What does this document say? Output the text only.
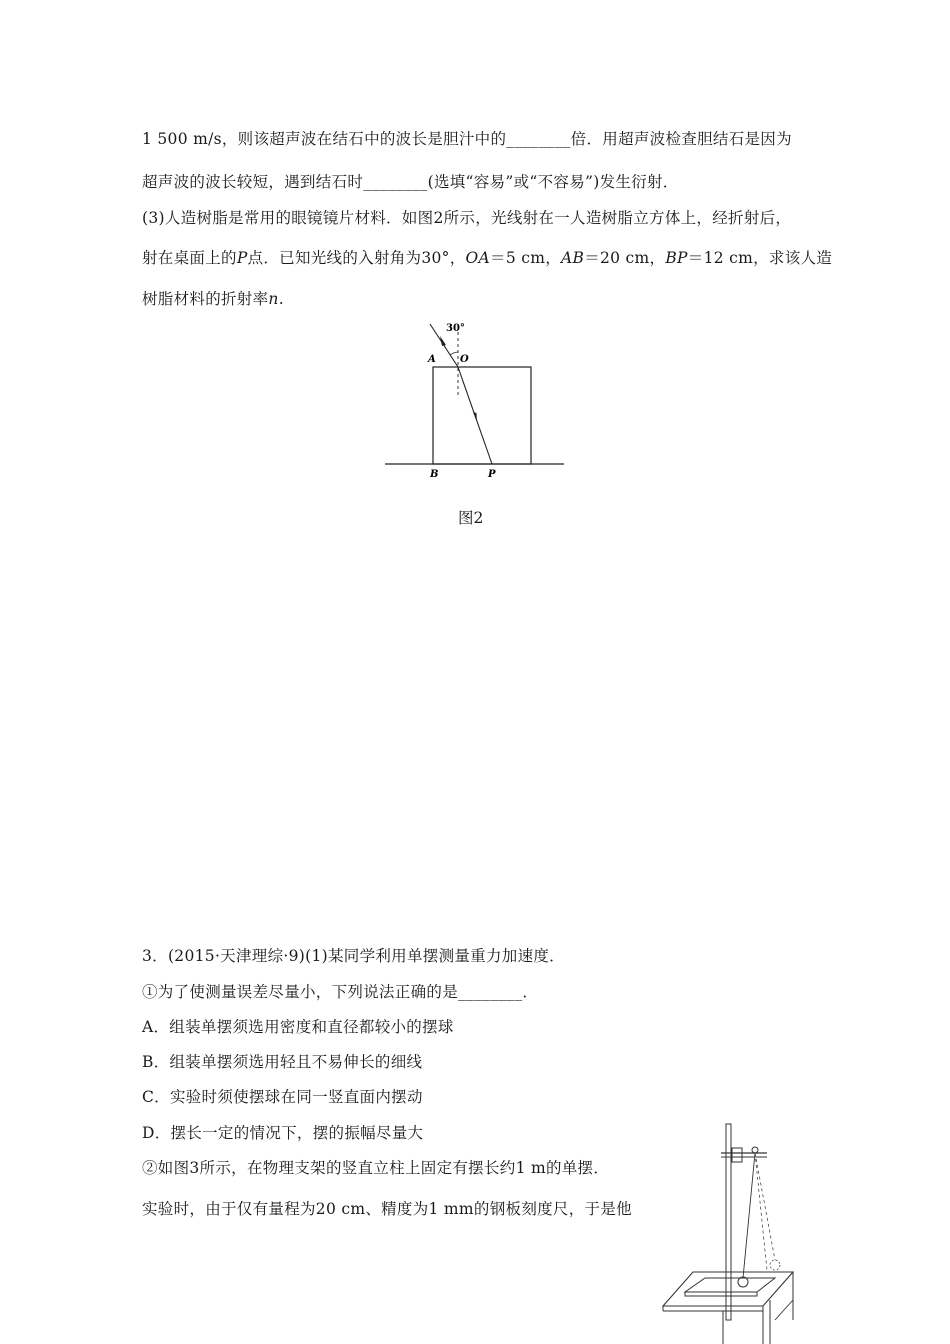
1 500 m/s，则该超声波在结石中的波长是胆汁中的________倍．用超声波检查胆结石是因为
超声波的波长较短，遇到结石时________(选填“容易”或“不容易”)发生衍射．
(3)人造树脂是常用的眼镜镜片材料．如图2所示，光线射在一人造树脂立方体上，经折射后，
射在桌面上的P点．已知光线的入射角为30°，OA＝5 cm，AB＝20 cm，BP＝12 cm，求该人造
树脂材料的折射率n.
30°
A O
B	P
图2
3．(2015·天津理综·9)(1)某同学利用单摆测量重力加速度．
①为了使测量误差尽量小，下列说法正确的是________．
A．组装单摆须选用密度和直径都较小的摆球
B．组装单摆须选用轻且不易伸长的细线
C．实验时须使摆球在同一竖直面内摆动
D．摆长一定的情况下，摆的振幅尽量大
②如图3所示，在物理支架的竖直立柱上固定有摆长约1 m的单摆．
实验时，由于仅有量程为20 cm、精度为1 mm的钢板刻度尺，于是他
